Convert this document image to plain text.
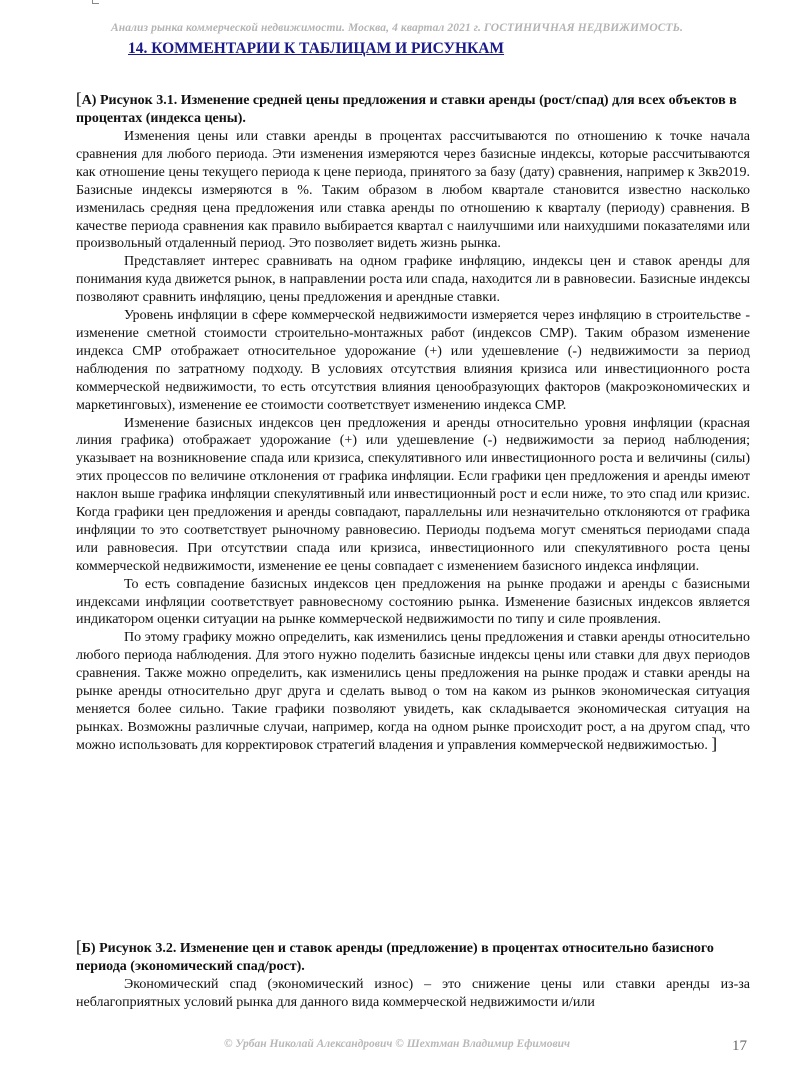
Анализ рынка коммерческой недвижимости. Москва, 4 квартал 2021 г. ГОСТИНИЧНАЯ НЕДВИЖИМОСТЬ.
14. КОММЕНТАРИИ К ТАБЛИЦАМ И РИСУНКАМ

[А) Рисунок 3.1. Изменение средней цены предложения и ставки аренды (рост/спад) для всех объектов в процентах (индекса цены).

Изменения цены или ставки аренды в процентах рассчитываются по отношению к точке начала сравнения для любого периода. Эти изменения измеряются через базисные индексы, которые рассчитываются как отношение цены текущего периода к цене периода, принятого за базу (дату) сравнения, например к 3кв2019. Базисные индексы измеряются в %. Таким образом в любом квартале становится известно насколько изменилась средняя цена предложения или ставка аренды по отношению к кварталу (периоду) сравнения. В качестве периода сравнения как правило выбирается квартал с наилучшими или наихудшими показателями или произвольный отдаленный период. Это позволяет видеть жизнь рынка.

Представляет интерес сравнивать на одном графике инфляцию, индексы цен и ставок аренды для понимания куда движется рынок, в направлении роста или спада, находится ли в равновесии. Базисные индексы позволяют сравнить инфляцию, цены предложения и арендные ставки.

Уровень инфляции в сфере коммерческой недвижимости измеряется через инфляцию в строительстве - изменение сметной стоимости строительно-монтажных работ (индексов СМР). Таким образом изменение индекса СМР отображает относительное удорожание (+) или удешевление (-) недвижимости за период наблюдения по затратному подходу. В условиях отсутствия влияния кризиса или инвестиционного роста коммерческой недвижимости, то есть отсутствия влияния ценообразующих факторов (макроэкономических и маркетинговых), изменение ее стоимости соответствует изменению индекса СМР.

Изменение базисных индексов цен предложения и аренды относительно уровня инфляции (красная линия графика) отображает удорожание (+) или удешевление (-) недвижимости за период наблюдения; указывает на возникновение спада или кризиса, спекулятивного или инвестиционного роста и величины (силы) этих процессов по величине отклонения от графика инфляции. Если графики цен предложения и аренды имеют наклон выше графика инфляции спекулятивный или инвестиционный рост и если ниже, то это спад или кризис. Когда графики цен предложения и аренды совпадают, параллельны или незначительно отклоняются от графика инфляции то это соответствует рыночному равновесию. Периоды подъема могут сменяться периодами спада или равновесия. При отсутствии спада или кризиса, инвестиционного или спекулятивного роста цены коммерческой недвижимости, изменение ее цены совпадает с изменением базисного индекса инфляции.

То есть совпадение базисных индексов цен предложения на рынке продажи и аренды с базисными индексами инфляции соответствует равновесному состоянию рынка. Изменение базисных индексов является индикатором оценки ситуации на рынке коммерческой недвижимости по типу и силе проявления.

По этому графику можно определить, как изменились цены предложения и ставки аренды относительно любого периода наблюдения. Для этого нужно поделить базисные индексы цены или ставки для двух периодов сравнения. Также можно определить, как изменились цены предложения на рынке продаж и ставки аренды на рынке аренды относительно друг друга и сделать вывод о том на каком из рынков экономическая ситуация меняется более сильно. Такие графики позволяют увидеть, как складывается экономическая ситуация на рынках. Возможны различные случаи, например, когда на одном рынке происходит рост, а на другом спад, что можно использовать для корректировок стратегий владения и управления коммерческой недвижимостью. ]

[Б) Рисунок 3.2. Изменение цен и ставок аренды (предложение) в процентах относительно базисного периода (экономический спад/рост).

Экономический спад (экономический износ) – это снижение цены или ставки аренды из-за неблагоприятных условий рынка для данного вида коммерческой недвижимости и/или

© Урбан Николай Александрович © Шехтман Владимир Ефимович	17
